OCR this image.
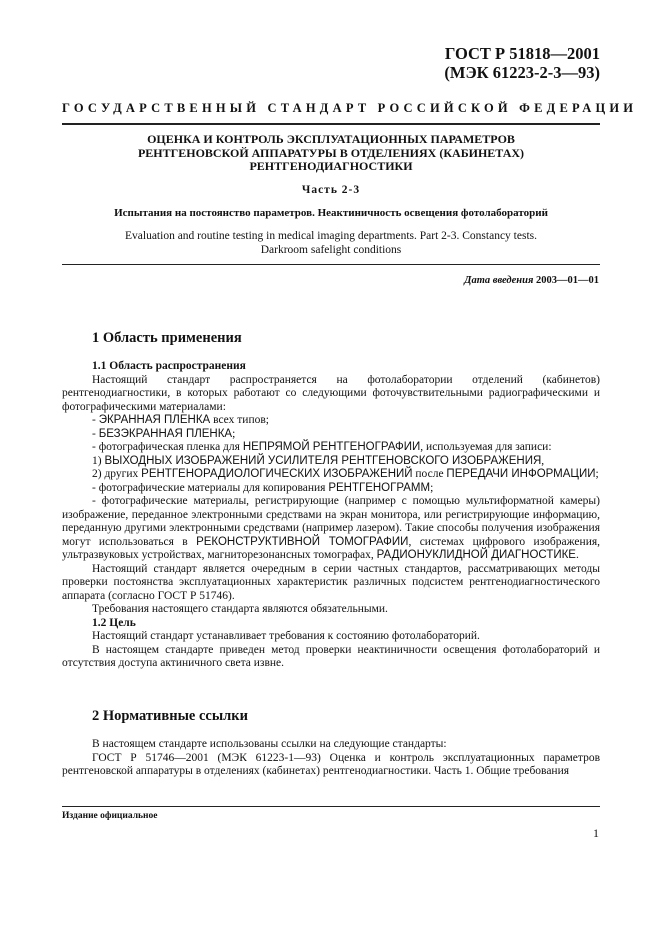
ГОСТ Р 51818—2001
(МЭК 61223-2-3—93)
ГОСУДАРСТВЕННЫЙ СТАНДАРТ РОССИЙСКОЙ ФЕДЕРАЦИИ
ОЦЕНКА И КОНТРОЛЬ ЭКСПЛУАТАЦИОННЫХ ПАРАМЕТРОВ
РЕНТГЕНОВСКОЙ АППАРАТУРЫ В ОТДЕЛЕНИЯХ (КАБИНЕТАХ)
РЕНТГЕНОДИАГНОСТИКИ
Часть 2-3
Испытания на постоянство параметров. Неактиничность освещения фотолабораторий
Evaluation and routine testing in medical imaging departments. Part 2-3. Constancy tests.
Darkroom safelight conditions
Дата введения 2003—01—01
1 Область применения

1.1 Область распространения

Настоящий стандарт распространяется на фотолаборатории отделений (кабинетов) рентгенодиагностики, в которых работают со следующими фоточувствительными радиографическими и фотографическими материалами:

- ЭКРАННАЯ ПЛЕНКА всех типов;

- БЕЗЭКРАННАЯ ПЛЕНКА;

- фотографическая пленка для НЕПРЯМОЙ РЕНТГЕНОГРАФИИ, используемая для записи:

1) ВЫХОДНЫХ ИЗОБРАЖЕНИЙ УСИЛИТЕЛЯ РЕНТГЕНОВСКОГО ИЗОБРАЖЕНИЯ,

2) других РЕНТГЕНОРАДИОЛОГИЧЕСКИХ ИЗОБРАЖЕНИЙ после ПЕРЕДАЧИ ИНФОРМАЦИИ;

- фотографические материалы для копирования РЕНТГЕНОГРАММ;

- фотографические материалы, регистрирующие (например с помощью мультиформатной камеры) изображение, переданное электронными средствами на экран монитора, или регистрирующие информацию, переданную другими электронными средствами (например лазером). Такие способы получения изображения могут использоваться в РЕКОНСТРУКТИВНОЙ ТОМОГРАФИИ, системах цифрового изображения, ультразвуковых устройствах, магниторезонансных томографах, РАДИОНУКЛИДНОЙ ДИАГНОСТИКЕ.

Настоящий стандарт является очередным в серии частных стандартов, рассматривающих методы проверки постоянства эксплуатационных характеристик различных подсистем рентгенодиагностического аппарата (согласно ГОСТ Р 51746).

Требования настоящего стандарта являются обязательными.

1.2 Цель

Настоящий стандарт устанавливает требования к состоянию фотолабораторий.

В настоящем стандарте приведен метод проверки неактиничности освещения фотолабораторий и отсутствия доступа актиничного света извне.

2 Нормативные ссылки

В настоящем стандарте использованы ссылки на следующие стандарты:

ГОСТ Р 51746—2001 (МЭК 61223-1—93) Оценка и контроль эксплуатационных параметров рентгеновской аппаратуры в отделениях (кабинетах) рентгенодиагностики. Часть 1. Общие требования

Издание официальное
1
